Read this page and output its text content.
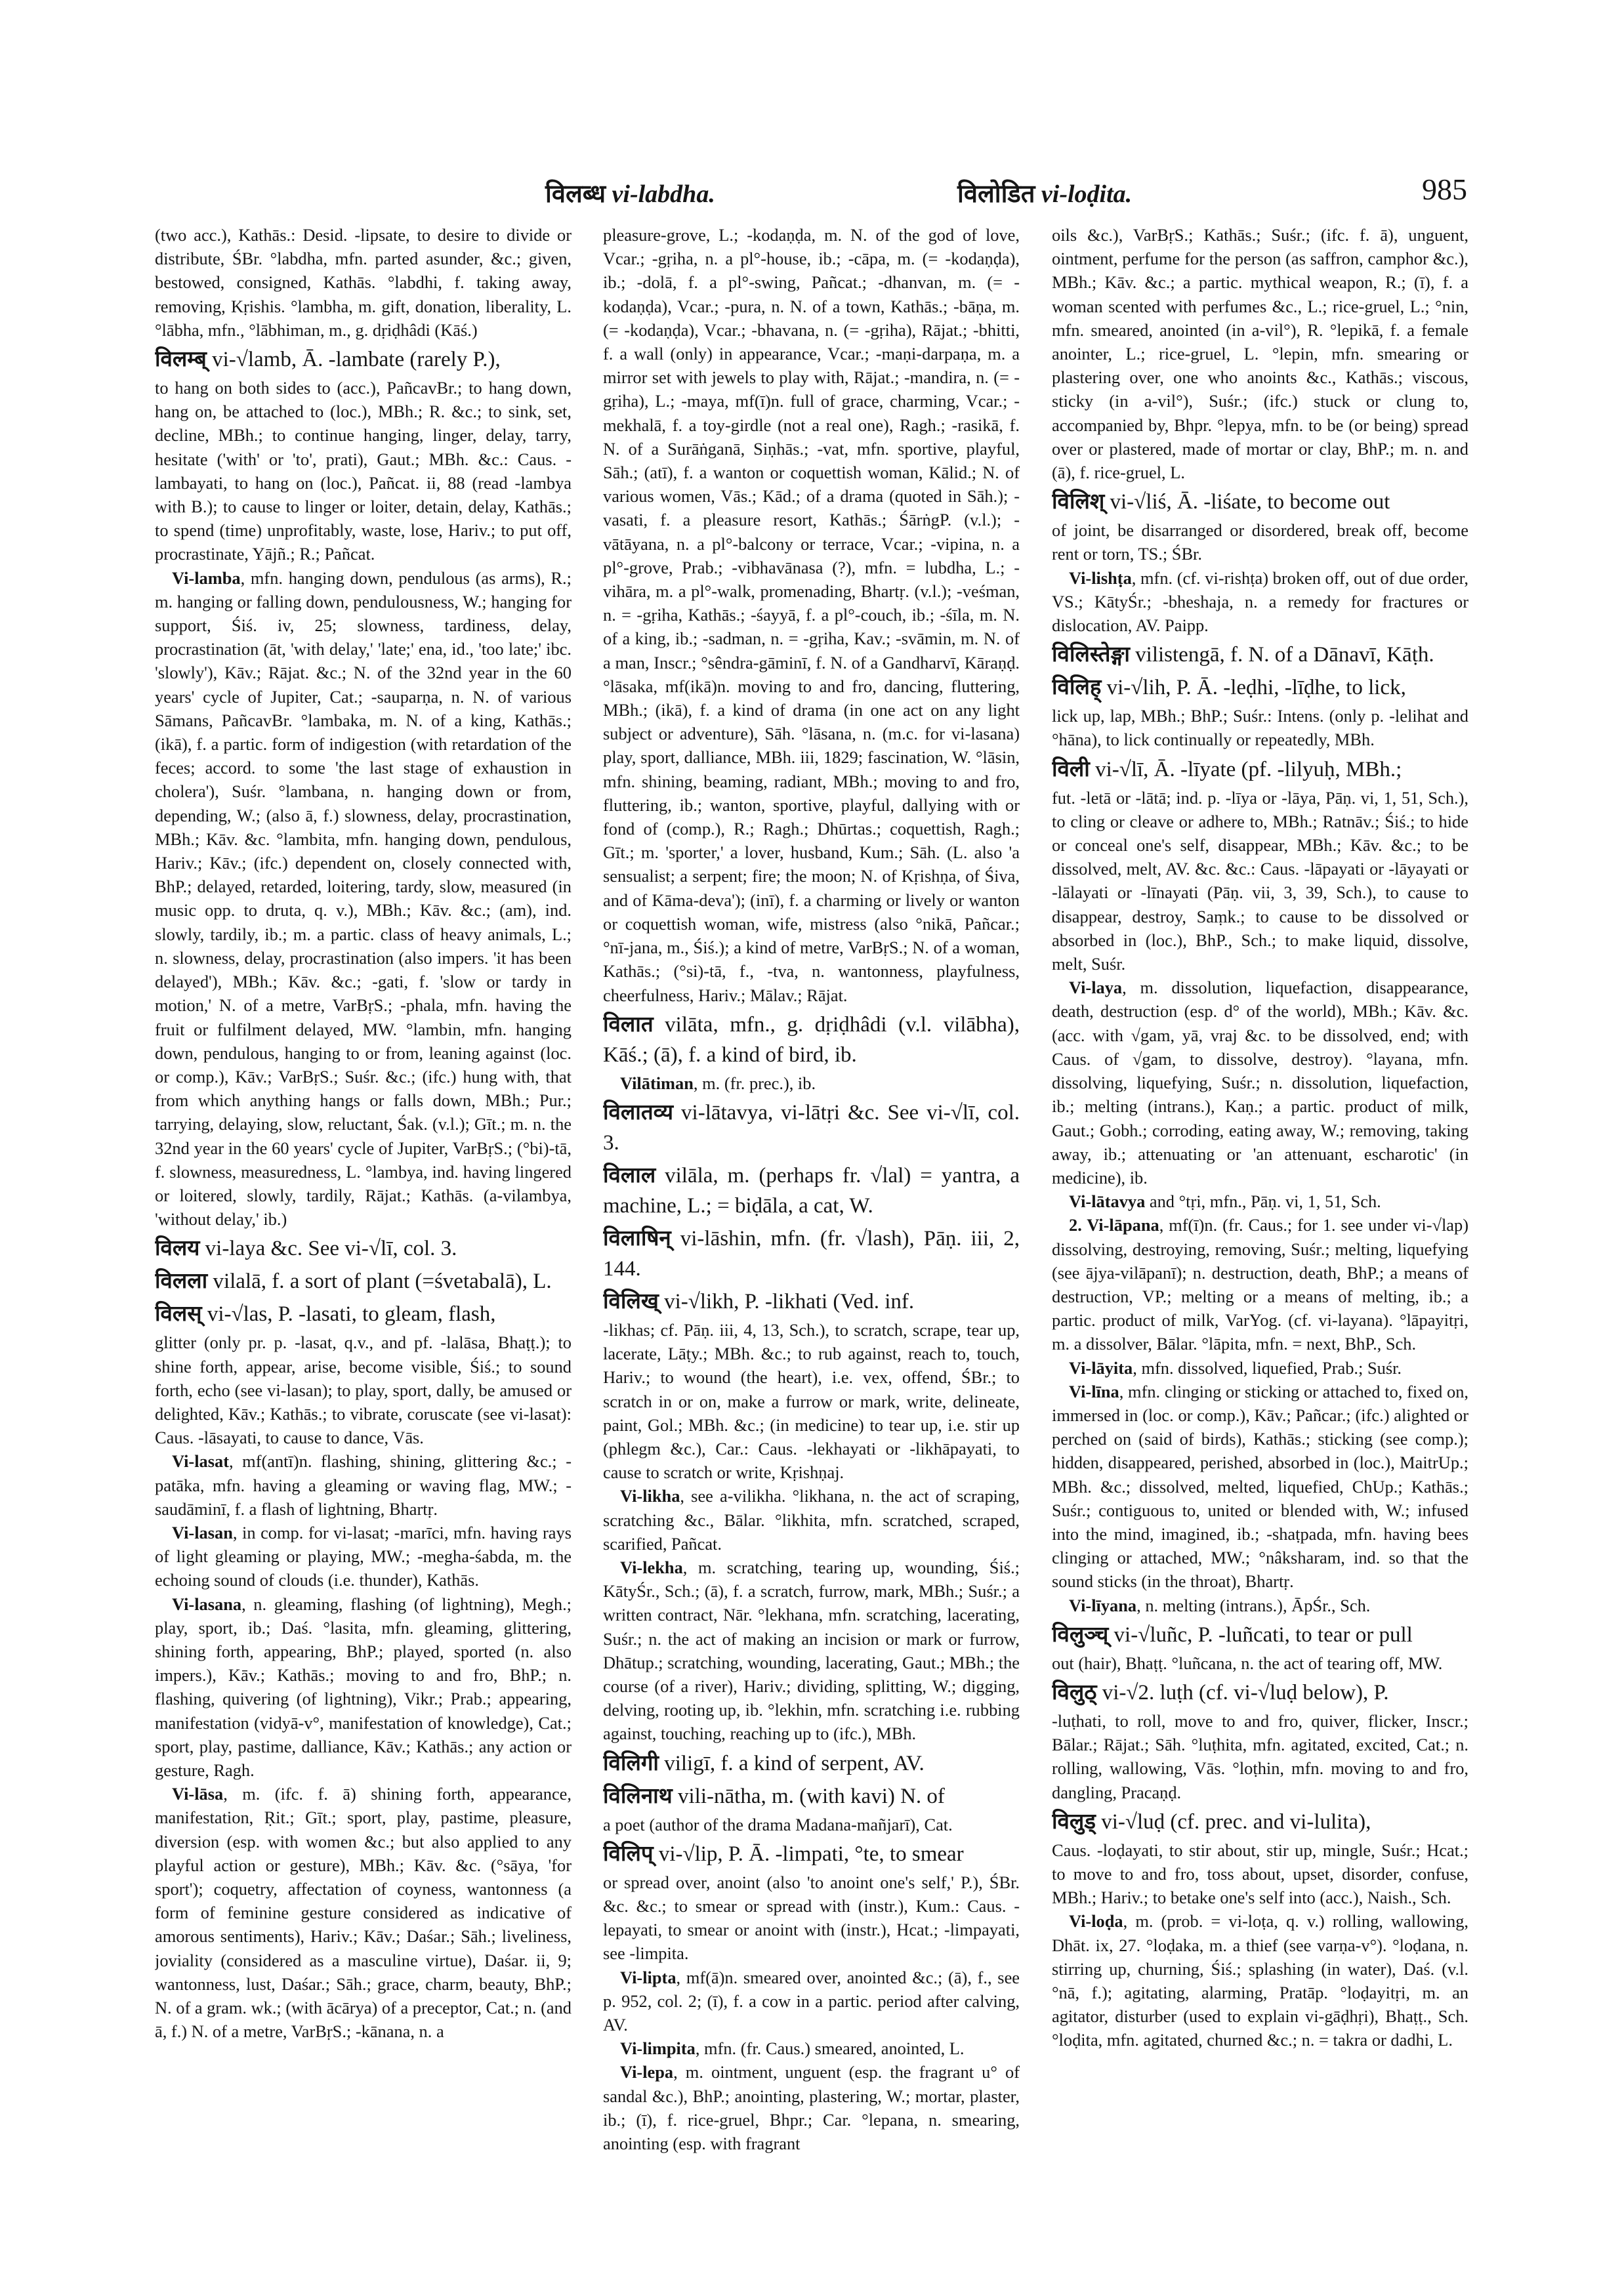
विलब्ध vi-labdha.	विलोडित vi-loḍita.	985

(two acc.), Kathās.: Desid. -lipsate, to desire to divide or distribute, ŚBr. °labdha, mfn. parted asunder, &c.; given, bestowed, consigned, Kathās. °labdhi, f. taking away, removing, Kṛishis. °lambha, m. gift, donation, liberality, L. °lābha, mfn., °lābhiman, m., g. dṛiḍhâdi (Kāś.)

विलम्ब् vi-√lamb, Ā. -lambate (rarely P.),

to hang on both sides to (acc.), PañcavBr.; to hang down, hang on, be attached to (loc.), MBh.; R. &c.; to sink, set, decline, MBh.; to continue hanging, linger, delay, tarry, hesitate ('with' or 'to', prati), Gaut.; MBh. &c.: Caus. -lambayati, to hang on (loc.), Pañcat. ii, 88 (read -lambya with B.); to cause to linger or loiter, detain, delay, Kathās.; to spend (time) unprofitably, waste, lose, Hariv.; to put off, procrastinate, Yājñ.; R.; Pañcat.

Vi-lamba, mfn. hanging down, pendulous (as arms), R.; m. hanging or falling down, pendulousness, W.; hanging for support, Śiś. iv, 25; slowness, tardiness, delay, procrastination (āt, 'with delay,' 'late;' ena, id., 'too late;' ibc. 'slowly'), Kāv.; Rājat. &c.; N. of the 32nd year in the 60 years' cycle of Jupiter, Cat.; -sauparṇa, n. N. of various Sāmans, PañcavBr. °lambaka, m. N. of a king, Kathās.; (ikā), f. a partic. form of indigestion (with retardation of the feces; accord. to some 'the last stage of exhaustion in cholera'), Suśr. °lambana, n. hanging down or from, depending, W.; (also ā, f.) slowness, delay, procrastination, MBh.; Kāv. &c. °lambita, mfn. hanging down, pendulous, Hariv.; Kāv.; (ifc.) dependent on, closely connected with, BhP.; delayed, retarded, loitering, tardy, slow, measured (in music opp. to druta, q. v.), MBh.; Kāv. &c.; (am), ind. slowly, tardily, ib.; m. a partic. class of heavy animals, L.; n. slowness, delay, procrastination (also impers. 'it has been delayed'), MBh.; Kāv. &c.; -gati, f. 'slow or tardy in motion,' N. of a metre, VarBṛS.; -phala, mfn. having the fruit or fulfilment delayed, MW. °lambin, mfn. hanging down, pendulous, hanging to or from, leaning against (loc. or comp.), Kāv.; VarBṛS.; Suśr. &c.; (ifc.) hung with, that from which anything hangs or falls down, MBh.; Pur.; tarrying, delaying, slow, reluctant, Śak. (v.l.); Gīt.; m. n. the 32nd year in the 60 years' cycle of Jupiter, VarBṛS.; (°bi)-tā, f. slowness, measuredness, L. °lambya, ind. having lingered or loitered, slowly, tardily, Rājat.; Kathās. (a-vilambya, 'without delay,' ib.)

विलय vi-laya &c. See vi-√lī, col. 3.

विलला vilalā, f. a sort of plant (=śvetabalā), L.

विलस् vi-√las, P. -lasati, to gleam, flash,

glitter (only pr. p. -lasat, q.v., and pf. -lalāsa, Bhaṭṭ.); to shine forth, appear, arise, become visible, Śiś.; to sound forth, echo (see vi-lasan); to play, sport, dally, be amused or delighted, Kāv.; Kathās.; to vibrate, coruscate (see vi-lasat): Caus. -lāsayati, to cause to dance, Vās.

Vi-lasat, mf(antī)n. flashing, shining, glittering &c.; -patāka, mfn. having a gleaming or waving flag, MW.; -saudāminī, f. a flash of lightning, Bhartṛ.

Vi-lasan, in comp. for vi-lasat; -marīci, mfn. having rays of light gleaming or playing, MW.; -megha-śabda, m. the echoing sound of clouds (i.e. thunder), Kathās.

Vi-lasana, n. gleaming, flashing (of lightning), Megh.; play, sport, ib.; Daś. °lasita, mfn. gleaming, glittering, shining forth, appearing, BhP.; played, sported (n. also impers.), Kāv.; Kathās.; moving to and fro, BhP.; n. flashing, quivering (of lightning), Vikr.; Prab.; appearing, manifestation (vidyā-v°, manifestation of knowledge), Cat.; sport, play, pastime, dalliance, Kāv.; Kathās.; any action or gesture, Ragh.

Vi-lāsa, m. (ifc. f. ā) shining forth, appearance, manifestation, Ṛit.; Gīt.; sport, play, pastime, pleasure, diversion (esp. with women &c.; but also applied to any playful action or gesture), MBh.; Kāv. &c. (°sāya, 'for sport'); coquetry, affectation of coyness, wantonness (a form of feminine gesture considered as indicative of amorous sentiments), Hariv.; Kāv.; Daśar.; Sāh.; liveliness, joviality (considered as a masculine virtue), Daśar. ii, 9; wantonness, lust, Daśar.; Sāh.; grace, charm, beauty, BhP.; N. of a gram. wk.; (with ācārya) of a preceptor, Cat.; n. (and ā, f.) N. of a metre, VarBṛS.; -kānana, n. a

pleasure-grove, L.; -kodaṇḍa, m. N. of the god of love, Vcar.; -gṛiha, n. a pl°-house, ib.; -cāpa, m. (= -kodaṇḍa), ib.; -dolā, f. a pl°-swing, Pañcat.; -dhanvan, m. (= -kodaṇḍa), Vcar.; -pura, n. N. of a town, Kathās.; -bāṇa, m. (= -kodaṇḍa), Vcar.; -bhavana, n. (= -gṛiha), Rājat.; -bhitti, f. a wall (only) in appearance, Vcar.; -maṇi-darpaṇa, m. a mirror set with jewels to play with, Rājat.; -mandira, n. (= -gṛiha), L.; -maya, mf(ī)n. full of grace, charming, Vcar.; -mekhalā, f. a toy-girdle (not a real one), Ragh.; -rasikā, f. N. of a Surāṅganā, Siṇhās.; -vat, mfn. sportive, playful, Sāh.; (atī), f. a wanton or coquettish woman, Kālid.; N. of various women, Vās.; Kād.; of a drama (quoted in Sāh.); -vasati, f. a pleasure resort, Kathās.; ŚārṅgP. (v.l.); -vātāyana, n. a pl°-balcony or terrace, Vcar.; -vipina, n. a pl°-grove, Prab.; -vibhavānasa (?), mfn. = lubdha, L.; -vihāra, m. a pl°-walk, promenading, Bhartṛ. (v.l.); -veśman, n. = -gṛiha, Kathās.; -śayyā, f. a pl°-couch, ib.; -śīla, m. N. of a king, ib.; -sadman, n. = -gṛiha, Kav.; -svāmin, m. N. of a man, Inscr.; °sêndra-gāminī, f. N. of a Gandharvī, Kāraṇḍ. °lāsaka, mf(ikā)n. moving to and fro, dancing, fluttering, MBh.; (ikā), f. a kind of drama (in one act on any light subject or adventure), Sāh. °lāsana, n. (m.c. for vi-lasana) play, sport, dalliance, MBh. iii, 1829; fascination, W. °lāsin, mfn. shining, beaming, radiant, MBh.; moving to and fro, fluttering, ib.; wanton, sportive, playful, dallying with or fond of (comp.), R.; Ragh.; Dhūrtas.; coquettish, Ragh.; Gīt.; m. 'sporter,' a lover, husband, Kum.; Sāh. (L. also 'a sensualist; a serpent; fire; the moon; N. of Kṛishṇa, of Śiva, and of Kāma-deva'); (inī), f. a charming or lively or wanton or coquettish woman, wife, mistress (also °nikā, Pañcar.; °nī-jana, m., Śiś.); a kind of metre, VarBṛS.; N. of a woman, Kathās.; (°si)-tā, f., -tva, n. wantonness, playfulness, cheerfulness, Hariv.; Mālav.; Rājat.

विलात vilāta, mfn., g. dṛiḍhâdi (v.l. vilābha), Kāś.; (ā), f. a kind of bird, ib.

Vilātiman, m. (fr. prec.), ib.

विलातव्य vi-lātavya, vi-lātṛi &c. See vi-√lī, col. 3.

विलाल vilāla, m. (perhaps fr. √lal) = yantra, a machine, L.; = biḍāla, a cat, W.

विलाषिन् vi-lāshin, mfn. (fr. √lash), Pāṇ. iii, 2, 144.

विलिख् vi-√likh, P. -likhati (Ved. inf.

-likhas; cf. Pāṇ. iii, 4, 13, Sch.), to scratch, scrape, tear up, lacerate, Lāṭy.; MBh. &c.; to rub against, reach to, touch, Hariv.; to wound (the heart), i.e. vex, offend, ŚBr.; to scratch in or on, make a furrow or mark, write, delineate, paint, Gol.; MBh. &c.; (in medicine) to tear up, i.e. stir up (phlegm &c.), Car.: Caus. -lekhayati or -likhāpayati, to cause to scratch or write, Kṛishṇaj.

Vi-likha, see a-vilikha. °likhana, n. the act of scraping, scratching &c., Bālar. °likhita, mfn. scratched, scraped, scarified, Pañcat.

Vi-lekha, m. scratching, tearing up, wounding, Śiś.; KātyŚr., Sch.; (ā), f. a scratch, furrow, mark, MBh.; Suśr.; a written contract, Nār. °lekhana, mfn. scratching, lacerating, Suśr.; n. the act of making an incision or mark or furrow, Dhātup.; scratching, wounding, lacerating, Gaut.; MBh.; the course (of a river), Hariv.; dividing, splitting, W.; digging, delving, rooting up, ib. °lekhin, mfn. scratching i.e. rubbing against, touching, reaching up to (ifc.), MBh.

विलिगी viligī, f. a kind of serpent, AV.

विलिनाथ vili-nātha, m. (with kavi) N. of

a poet (author of the drama Madana-mañjarī), Cat.

विलिप् vi-√lip, P. Ā. -limpati, °te, to smear

or spread over, anoint (also 'to anoint one's self,' P.), ŚBr. &c. &c.; to smear or spread with (instr.), Kum.: Caus. -lepayati, to smear or anoint with (instr.), Hcat.; -limpayati, see -limpita.

Vi-lipta, mf(ā)n. smeared over, anointed &c.; (ā), f., see p. 952, col. 2; (ī), f. a cow in a partic. period after calving, AV.

Vi-limpita, mfn. (fr. Caus.) smeared, anointed, L.

Vi-lepa, m. ointment, unguent (esp. the fragrant u° of sandal &c.), BhP.; anointing, plastering, W.; mortar, plaster, ib.; (ī), f. rice-gruel, Bhpr.; Car. °lepana, n. smearing, anointing (esp. with fragrant

oils &c.), VarBṛS.; Kathās.; Suśr.; (ifc. f. ā), unguent, ointment, perfume for the person (as saffron, camphor &c.), MBh.; Kāv. &c.; a partic. mythical weapon, R.; (ī), f. a woman scented with perfumes &c., L.; rice-gruel, L.; °nin, mfn. smeared, anointed (in a-vil°), R. °lepikā, f. a female anointer, L.; rice-gruel, L. °lepin, mfn. smearing or plastering over, one who anoints &c., Kathās.; viscous, sticky (in a-vil°), Suśr.; (ifc.) stuck or clung to, accompanied by, Bhpr. °lepya, mfn. to be (or being) spread over or plastered, made of mortar or clay, BhP.; m. n. and (ā), f. rice-gruel, L.

विलिश् vi-√liś, Ā. -liśate, to become out

of joint, be disarranged or disordered, break off, become rent or torn, TS.; ŚBr.

Vi-lishṭa, mfn. (cf. vi-rishṭa) broken off, out of due order, VS.; KātyŚr.; -bheshaja, n. a remedy for fractures or dislocation, AV. Paipp.

विलिस्तेङ्गा vilistengā, f. N. of a Dānavī, Kāṭh.

विलिह् vi-√lih, P. Ā. -leḍhi, -līḍhe, to lick,

lick up, lap, MBh.; BhP.; Suśr.: Intens. (only p. -lelihat and °hāna), to lick continually or repeatedly, MBh.

विली vi-√lī, Ā. -līyate (pf. -lilyuḥ, MBh.;

fut. -letā or -lātā; ind. p. -līya or -lāya, Pāṇ. vi, 1, 51, Sch.), to cling or cleave or adhere to, MBh.; Ratnāv.; Śiś.; to hide or conceal one's self, disappear, MBh.; Kāv. &c.; to be dissolved, melt, AV. &c. &c.: Caus. -lāpayati or -lāyayati or -lālayati or -līnayati (Pāṇ. vii, 3, 39, Sch.), to cause to disappear, destroy, Saṃk.; to cause to be dissolved or absorbed in (loc.), BhP., Sch.; to make liquid, dissolve, melt, Suśr.

Vi-laya, m. dissolution, liquefaction, disappearance, death, destruction (esp. d° of the world), MBh.; Kāv. &c. (acc. with √gam, yā, vraj &c. to be dissolved, end; with Caus. of √gam, to dissolve, destroy). °layana, mfn. dissolving, liquefying, Suśr.; n. dissolution, liquefaction, ib.; melting (intrans.), Kaṇ.; a partic. product of milk, Gaut.; Gobh.; corroding, eating away, W.; removing, taking away, ib.; attenuating or 'an attenuant, escharotic' (in medicine), ib.

Vi-lātavya and °tṛi, mfn., Pāṇ. vi, 1, 51, Sch.

2. Vi-lāpana, mf(ī)n. (fr. Caus.; for 1. see under vi-√lap) dissolving, destroying, removing, Suśr.; melting, liquefying (see ājya-vilāpanī); n. destruction, death, BhP.; a means of destruction, VP.; melting or a means of melting, ib.; a partic. product of milk, VarYog. (cf. vi-layana). °lāpayitṛi, m. a dissolver, Bālar. °lāpita, mfn. = next, BhP., Sch.

Vi-lāyita, mfn. dissolved, liquefied, Prab.; Suśr.

Vi-līna, mfn. clinging or sticking or attached to, fixed on, immersed in (loc. or comp.), Kāv.; Pañcar.; (ifc.) alighted or perched on (said of birds), Kathās.; sticking (see comp.); hidden, disappeared, perished, absorbed in (loc.), MaitrUp.; MBh. &c.; dissolved, melted, liquefied, ChUp.; Kathās.; Suśr.; contiguous to, united or blended with, W.; infused into the mind, imagined, ib.; -shaṭpada, mfn. having bees clinging or attached, MW.; °nâksharam, ind. so that the sound sticks (in the throat), Bhartṛ.

Vi-līyana, n. melting (intrans.), ĀpŚr., Sch.

विलुञ्च् vi-√luñc, P. -luñcati, to tear or pull

out (hair), Bhaṭṭ. °luñcana, n. the act of tearing off, MW.

विलुठ् vi-√2. luṭh (cf. vi-√luḍ below), P.

-luṭhati, to roll, move to and fro, quiver, flicker, Inscr.; Bālar.; Rājat.; Sāh. °luṭhita, mfn. agitated, excited, Cat.; n. rolling, wallowing, Vās. °loṭhin, mfn. moving to and fro, dangling, Pracaṇḍ.

विलुड् vi-√luḍ (cf. prec. and vi-lulita),

Caus. -loḍayati, to stir about, stir up, mingle, Suśr.; Hcat.; to move to and fro, toss about, upset, disorder, confuse, MBh.; Hariv.; to betake one's self into (acc.), Naish., Sch.

Vi-loḍa, m. (prob. = vi-loṭa, q. v.) rolling, wallowing, Dhāt. ix, 27. °loḍaka, m. a thief (see varṇa-v°). °loḍana, n. stirring up, churning, Śiś.; splashing (in water), Daś. (v.l. °nā, f.); agitating, alarming, Pratāp. °loḍayitṛi, m. an agitator, disturber (used to explain vi-gāḍhṛi), Bhaṭṭ., Sch. °loḍita, mfn. agitated, churned &c.; n. = takra or dadhi, L.
